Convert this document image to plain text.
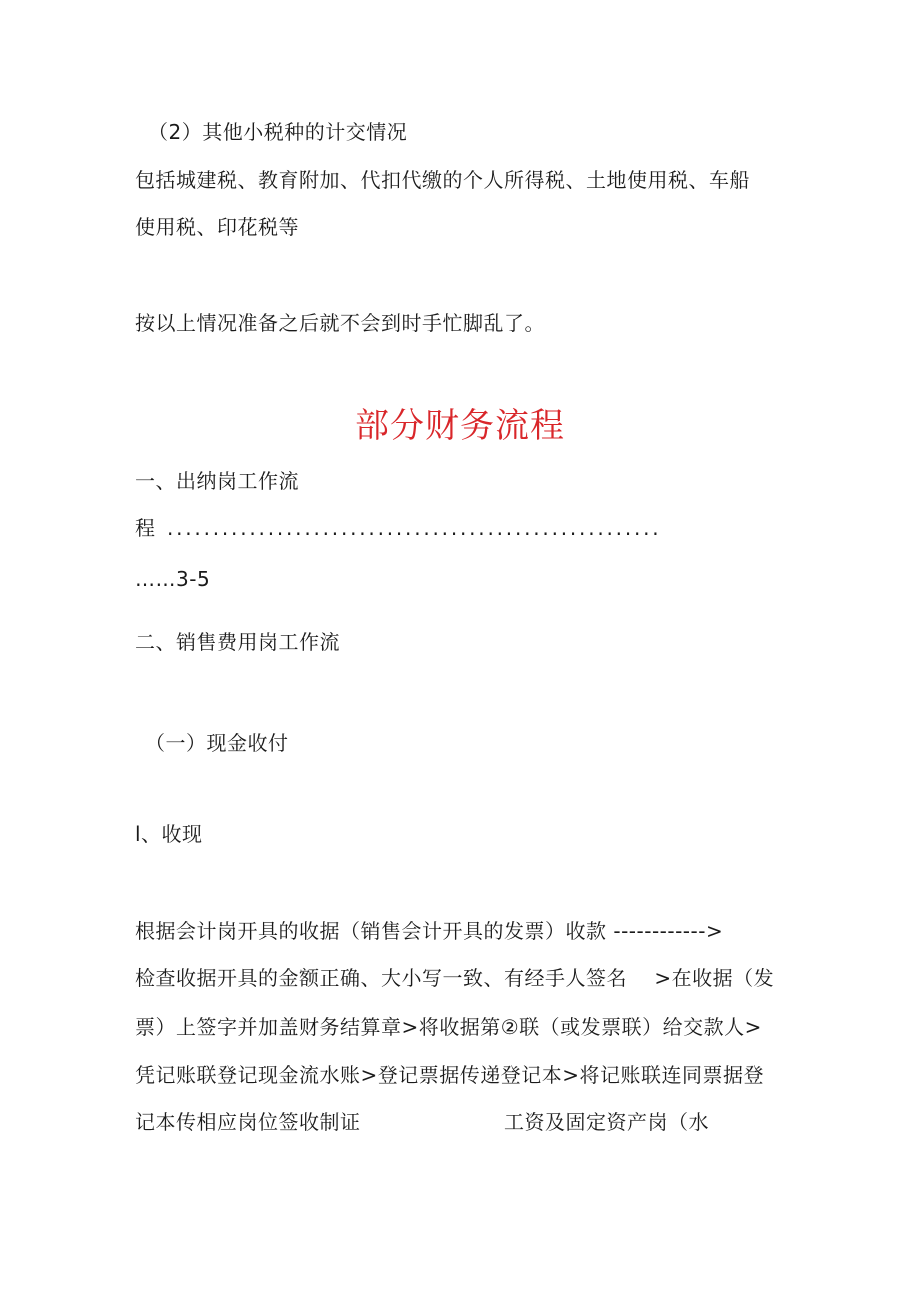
（2）其他小税种的计交情况
包括城建税、教育附加、代扣代缴的个人所得税、土地使用税、车船
使用税、印花税等
按以上情况准备之后就不会到时手忙脚乱了。
部分财务流程
一、出纳岗工作流
程 ......................................................
……3-5
二、销售费用岗工作流
（一）现金收付
l、收现
根据会计岗开具的收据（销售会计开具的发票）收款 ------------>
检查收据开具的金额正确、大小写一致、有经手人签名　 >在收据（发
票）上签字并加盖财务结算章>将收据第②联（或发票联）给交款人>
凭记账联登记现金流水账>登记票据传递登记本>将记账联连同票据登
记本传相应岗位签收制证　　　　　　　工资及固定资产岗（水
